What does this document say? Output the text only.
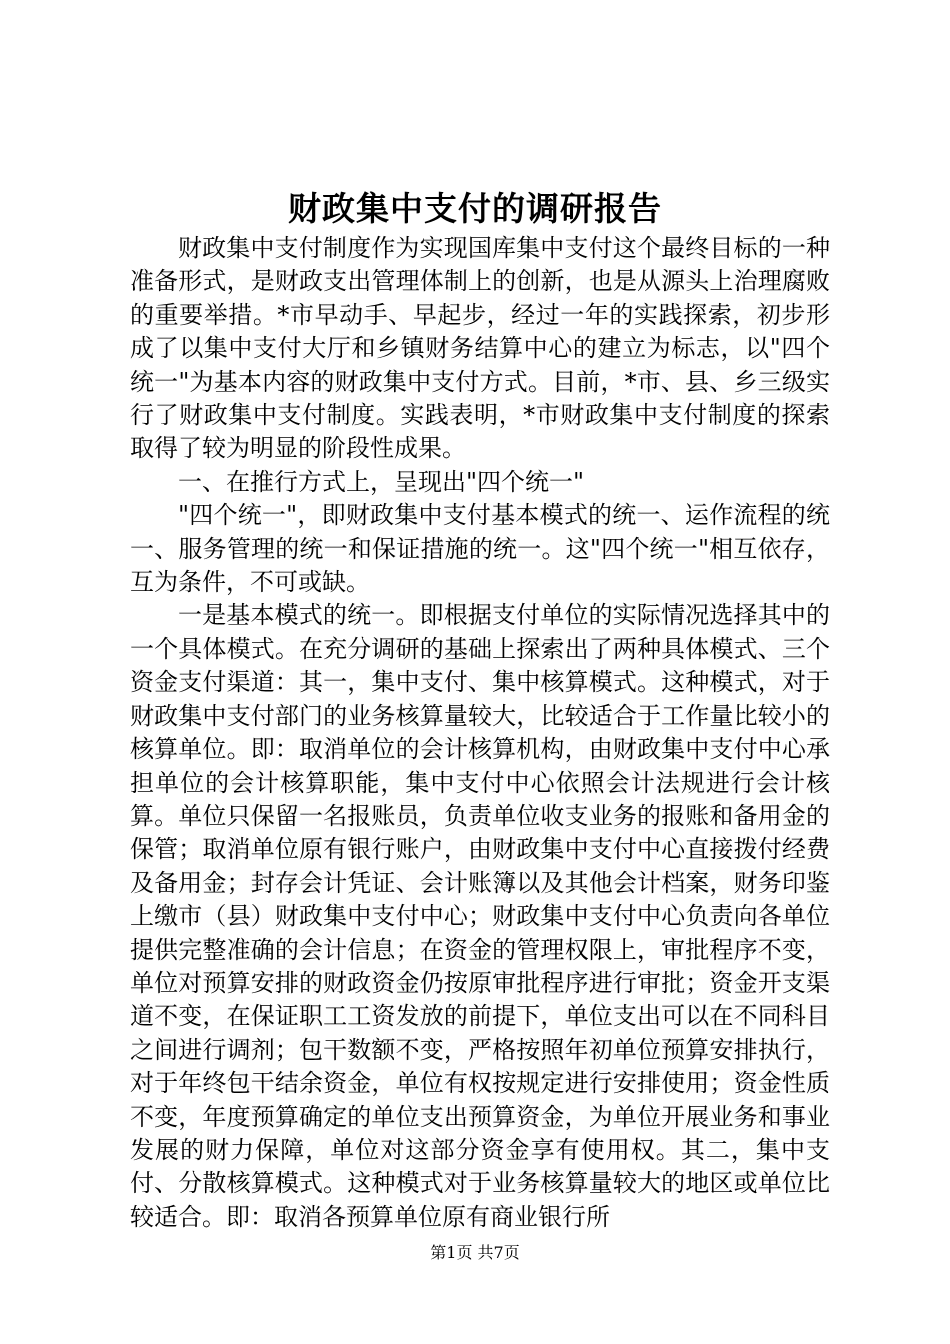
财政集中支付的调研报告

财政集中支付制度作为实现国库集中支付这个最终目标的一种准备形式，是财政支出管理体制上的创新，也是从源头上治理腐败的重要举措。*市早动手、早起步，经过一年的实践探索，初步形成了以集中支付大厅和乡镇财务结算中心的建立为标志，以"四个统一"为基本内容的财政集中支付方式。目前，*市、县、乡三级实行了财政集中支付制度。实践表明，*市财政集中支付制度的探索取得了较为明显的阶段性成果。

一、在推行方式上，呈现出"四个统一"

"四个统一"，即财政集中支付基本模式的统一、运作流程的统一、服务管理的统一和保证措施的统一。这"四个统一"相互依存，互为条件，不可或缺。

一是基本模式的统一。即根据支付单位的实际情况选择其中的一个具体模式。在充分调研的基础上探索出了两种具体模式、三个资金支付渠道：其一，集中支付、集中核算模式。这种模式，对于财政集中支付部门的业务核算量较大，比较适合于工作量比较小的核算单位。即：取消单位的会计核算机构，由财政集中支付中心承担单位的会计核算职能，集中支付中心依照会计法规进行会计核算。单位只保留一名报账员，负责单位收支业务的报账和备用金的保管；取消单位原有银行账户，由财政集中支付中心直接拨付经费及备用金；封存会计凭证、会计账簿以及其他会计档案，财务印鉴上缴市（县）财政集中支付中心；财政集中支付中心负责向各单位提供完整准确的会计信息；在资金的管理权限上，审批程序不变，单位对预算安排的财政资金仍按原审批程序进行审批；资金开支渠道不变，在保证职工工资发放的前提下，单位支出可以在不同科目之间进行调剂；包干数额不变，严格按照年初单位预算安排执行，对于年终包干结余资金，单位有权按规定进行安排使用；资金性质不变，年度预算确定的单位支出预算资金，为单位开展业务和事业发展的财力保障，单位对这部分资金享有使用权。其二，集中支付、分散核算模式。这种模式对于业务核算量较大的地区或单位比较适合。即：取消各预算单位原有商业银行所

第1页 共7页
